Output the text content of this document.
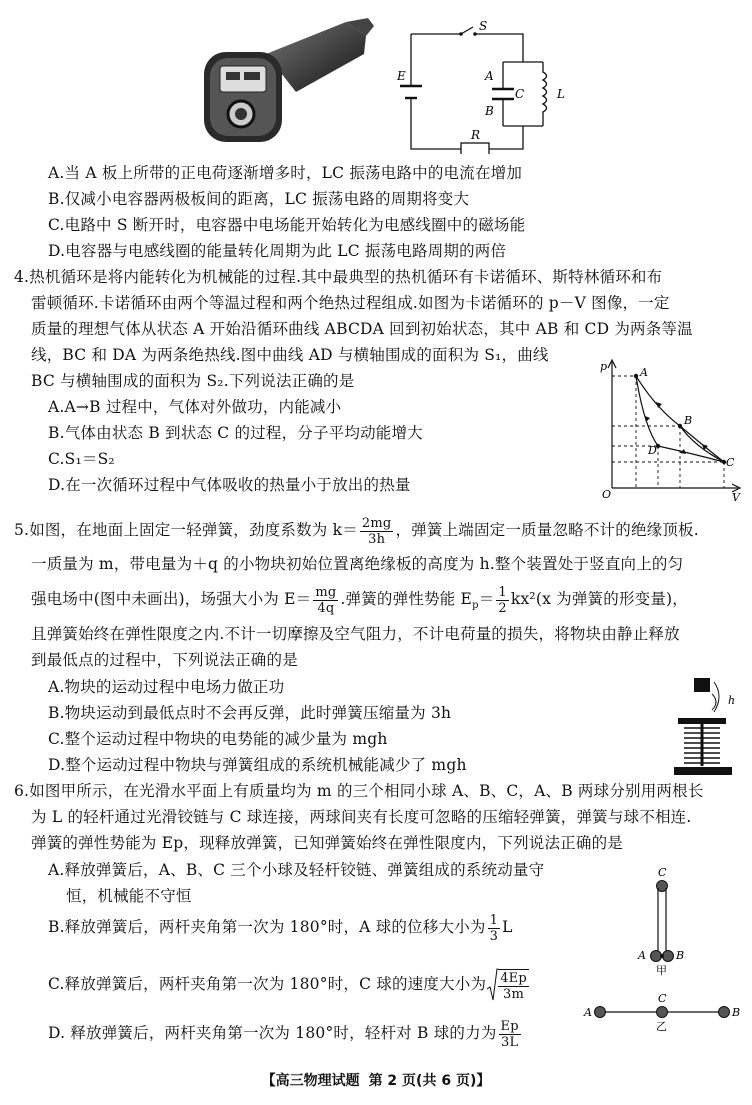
S
E	A
B
C	L
R
A.当 A 板上所带的正电荷逐渐增多时，LC 振荡电路中的电流在增加
B.仅减小电容器两极板间的距离，LC 振荡电路的周期将变大
C.电路中 S 断开时，电容器中电场能开始转化为电感线圈中的磁场能
D.电容器与电感线圈的能量转化周期为此 LC 振荡电路周期的两倍
4.热机循环是将内能转化为机械能的过程.其中最典型的热机循环有卡诺循环、斯特林循环和布
雷顿循环.卡诺循环由两个等温过程和两个绝热过程组成.如图为卡诺循环的 p－V 图像，一定
质量的理想气体从状态 A 开始沿循环曲线 ABCDA 回到初始状态，其中 AB 和 CD 为两条等温
线，BC 和 DA 为两条绝热线.图中曲线 AD 与横轴围成的面积为 S₁，曲线
BC 与横轴围成的面积为 S₂.下列说法正确的是
A.A→B 过程中，气体对外做功，内能减小
B.气体由状态 B 到状态 C 的过程，分子平均动能增大
C.S₁＝S₂
D.在一次循环过程中气体吸收的热量小于放出的热量
p
V
O
A
B
C
D
5.如图，在地面上固定一轻弹簧，劲度系数为 $k= \frac{2mg}{3h}$ ，弹簧上端固定一质量忽略不计的绝缘顶板.
一质量为 m，带电量为＋q 的小物块初始位置离绝缘板的高度为 h.整个装置处于竖直向上的匀
强电场中(图中未画出)，场强大小为 $E= \frac{mg}{4q}$ .弹簧的弹性势能 $E_p= \frac{1}{2} kx^2(x$ 为弹簧的形变量)，
且弹簧始终在弹性限度之内.不计一切摩擦及空气阻力，不计电荷量的损失，将物块由静止释放
到最低点的过程中，下列说法正确的是
A.物块的运动过程中电场力做正功
B.物块运动到最低点时不会再反弹，此时弹簧压缩量为 3h
C.整个运动过程中物块的电势能的减少量为 mgh
D.整个运动过程中物块与弹簧组成的系统机械能减少了 mgh
h
6.如图甲所示，在光滑水平面上有质量均为 m 的三个相同小球 A、B、C，A、B 两球分别用两根长
为 L 的轻杆通过光滑铰链与 C 球连接，两球间夹有长度可忽略的压缩轻弹簧，弹簧与球不相连.
弹簧的弹性势能为 Ep，现释放弹簧，已知弹簧始终在弹性限度内，下列说法正确的是
A.释放弹簧后，A、B、C 三个小球及轻杆铰链、弹簧组成的系统动量守
恒，机械能不守恒
B.释放弹簧后，两杆夹角第一次为 180°时，A 球的位移大小为 $\frac{1}{3}$ L
C.释放弹簧后，两杆夹角第一次为 180°时，C 球的速度大小为 $\frac{4Ep}{3m}$
D. 释放弹簧后，两杆夹角第一次为 180°时，轻杆对 B 球的力为 $\frac{Ep}{3L}$
C
A	B
甲
C
A	B
乙
【高三物理试题 第 2 页(共 6 页)】
